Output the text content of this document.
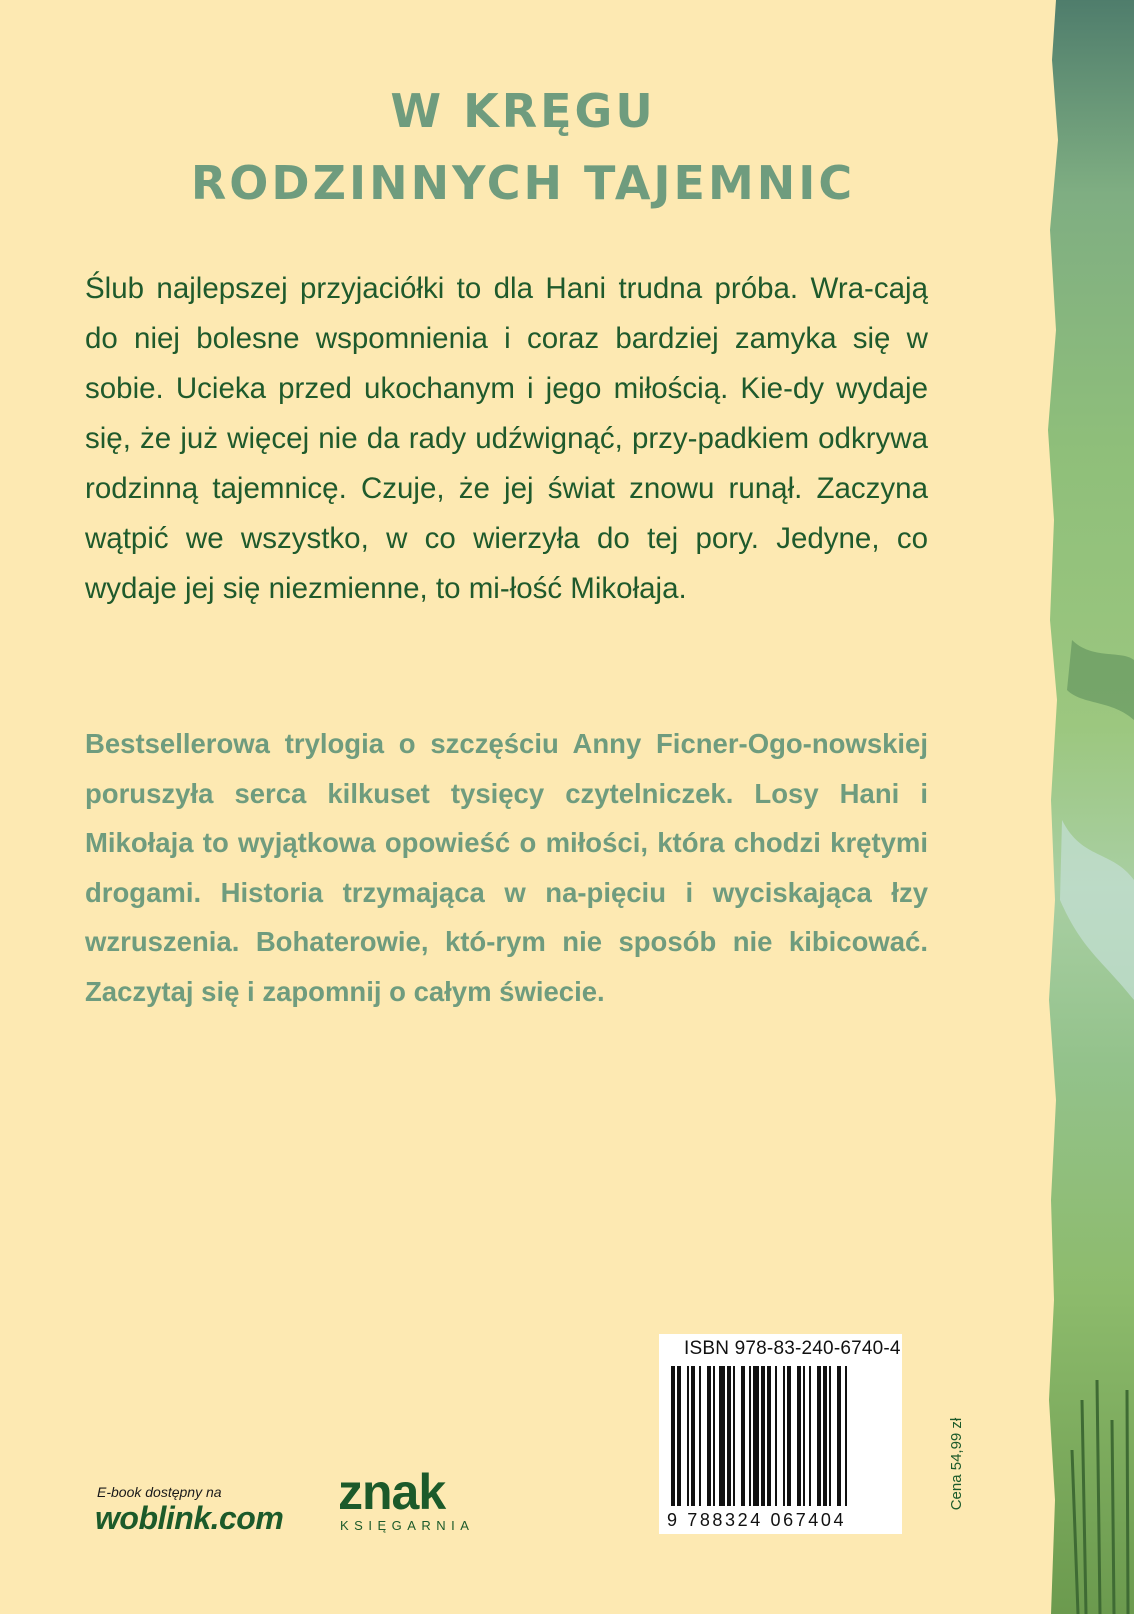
W KRĘGU
RODZINNYCH TAJEMNIC

Ślub najlepszej przyjaciółki to dla Hani trudna próba. Wra-cają do niej bolesne wspomnienia i coraz bardziej zamyka się w sobie. Ucieka przed ukochanym i jego miłością. Kie-dy wydaje się, że już więcej nie da rady udźwignąć, przy-padkiem odkrywa rodzinną tajemnicę. Czuje, że jej świat znowu runął. Zaczyna wątpić we wszystko, w co wierzyła do tej pory. Jedyne, co wydaje jej się niezmienne, to mi-łość Mikołaja.

Bestsellerowa trylogia o szczęściu Anny Ficner-Ogo-nowskiej poruszyła serca kilkuset tysięcy czytelniczek. Losy Hani i Mikołaja to wyjątkowa opowieść o miłości, która chodzi krętymi drogami. Historia trzymająca w na-pięciu i wyciskająca łzy wzruszenia. Bohaterowie, któ-rym nie sposób nie kibicować. Zaczytaj się i zapomnij o całym świecie.

E-book dostępny na
woblink.com znak
KSIĘGARNIA
ISBN 978-83-240-6740-4
9 788324 067404
Cena 54,99 zł
